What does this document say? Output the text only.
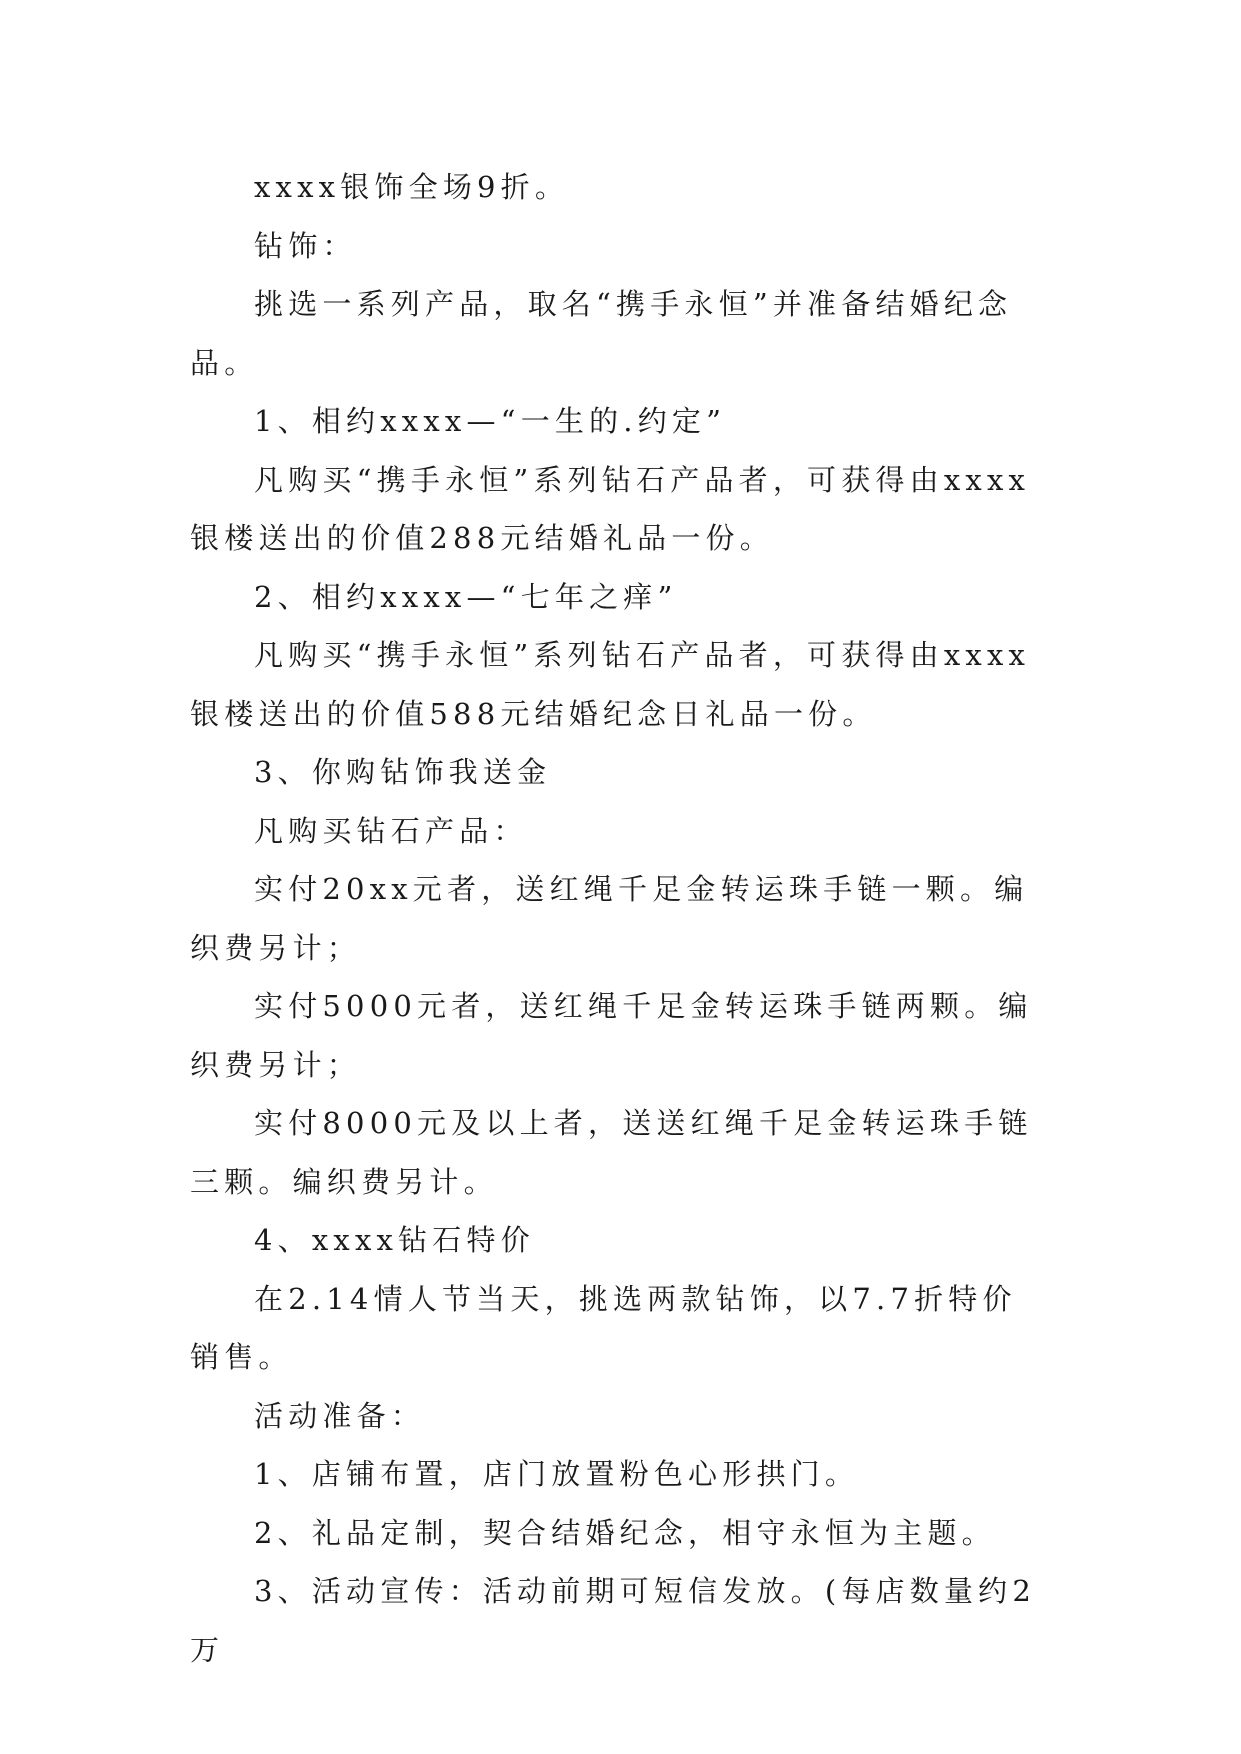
xxxx银饰全场9折。

钻饰：

挑选一系列产品，取名“携手永恒”并准备结婚纪念品。

1、相约xxxx—“一生的.约定”

凡购买“携手永恒”系列钻石产品者，可获得由xxxx银楼送出的价值288元结婚礼品一份。

2、相约xxxx—“七年之痒”

凡购买“携手永恒”系列钻石产品者，可获得由xxxx银楼送出的价值588元结婚纪念日礼品一份。

3、你购钻饰我送金

凡购买钻石产品：

实付20xx元者，送红绳千足金转运珠手链一颗。编织费另计；

实付5000元者，送红绳千足金转运珠手链两颗。编织费另计；

实付8000元及以上者，送送红绳千足金转运珠手链三颗。编织费另计。

4、xxxx钻石特价

在2.14情人节当天，挑选两款钻饰，以7.7折特价销售。

活动准备：

1、店铺布置，店门放置粉色心形拱门。

2、礼品定制，契合结婚纪念，相守永恒为主题。

3、活动宣传：活动前期可短信发放。(每店数量约2万
